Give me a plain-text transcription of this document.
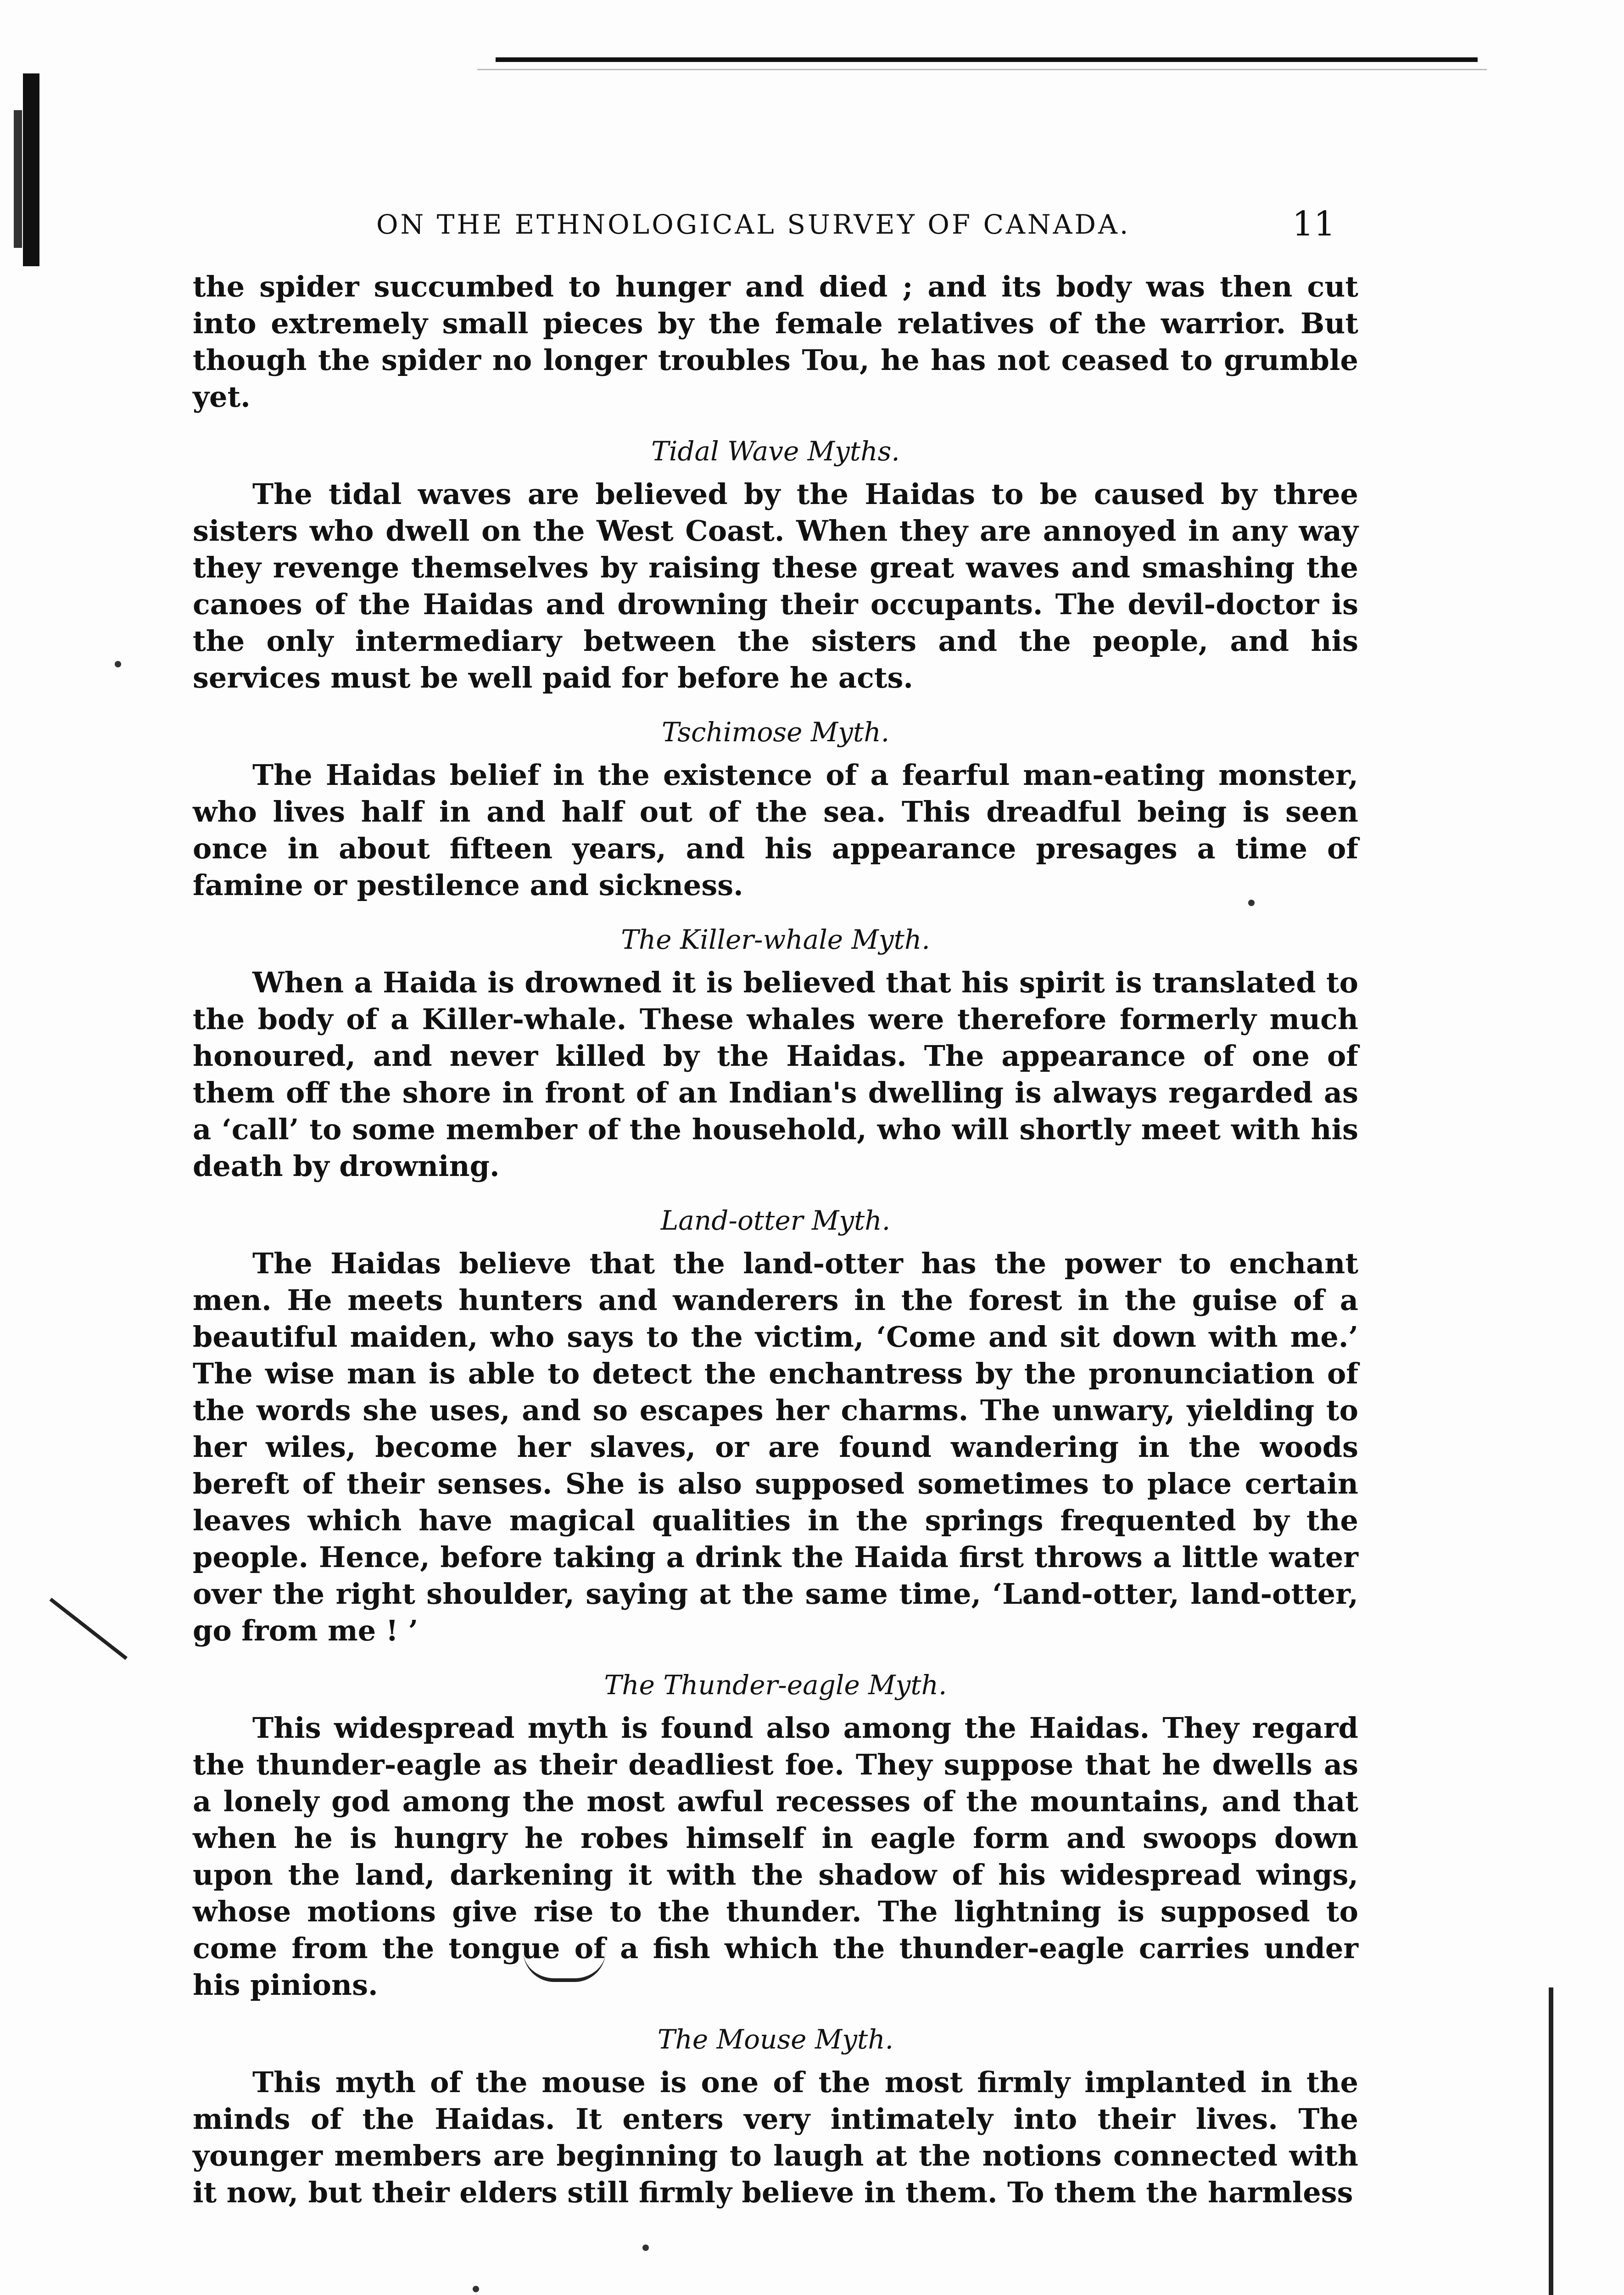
ON THE ETHNOLOGICAL SURVEY OF CANADA.	11

the spider succumbed to hunger and died ; and its body was then cut into extremely small pieces by the female relatives of the warrior. But though the spider no longer troubles Tou, he has not ceased to grumble yet.

Tidal Wave Myths.

The tidal waves are believed by the Haidas to be caused by three sisters who dwell on the West Coast. When they are annoyed in any way they revenge themselves by raising these great waves and smashing the canoes of the Haidas and drowning their occupants. The devil-doctor is the only intermediary between the sisters and the people, and his services must be well paid for before he acts.

Tschimose Myth.

The Haidas belief in the existence of a fearful man-eating monster, who lives half in and half out of the sea. This dreadful being is seen once in about fifteen years, and his appearance presages a time of famine or pestilence and sickness.

The Killer-whale Myth.

When a Haida is drowned it is believed that his spirit is translated to the body of a Killer-whale. These whales were therefore formerly much honoured, and never killed by the Haidas. The appearance of one of them off the shore in front of an Indian's dwelling is always regarded as a ‘call’ to some member of the household, who will shortly meet with his death by drowning.

Land-otter Myth.

The Haidas believe that the land-otter has the power to enchant men. He meets hunters and wanderers in the forest in the guise of a beautiful maiden, who says to the victim, ‘Come and sit down with me.’ The wise man is able to detect the enchantress by the pronunciation of the words she uses, and so escapes her charms. The unwary, yielding to her wiles, become her slaves, or are found wandering in the woods bereft of their senses. She is also supposed sometimes to place certain leaves which have magical qualities in the springs frequented by the people. Hence, before taking a drink the Haida first throws a little water over the right shoulder, saying at the same time, ‘Land-otter, land-otter, go from me ! ’

The Thunder-eagle Myth.

This widespread myth is found also among the Haidas. They regard the thunder-eagle as their deadliest foe. They suppose that he dwells as a lonely god among the most awful recesses of the mountains, and that when he is hungry he robes himself in eagle form and swoops down upon the land, darkening it with the shadow of his widespread wings, whose motions give rise to the thunder. The lightning is supposed to come from the tongue of a fish which the thunder-eagle carries under his pinions.

The Mouse Myth.

This myth of the mouse is one of the most firmly implanted in the minds of the Haidas. It enters very intimately into their lives. The younger members are beginning to laugh at the notions connected with it now, but their elders still firmly believe in them. To them the harmless
